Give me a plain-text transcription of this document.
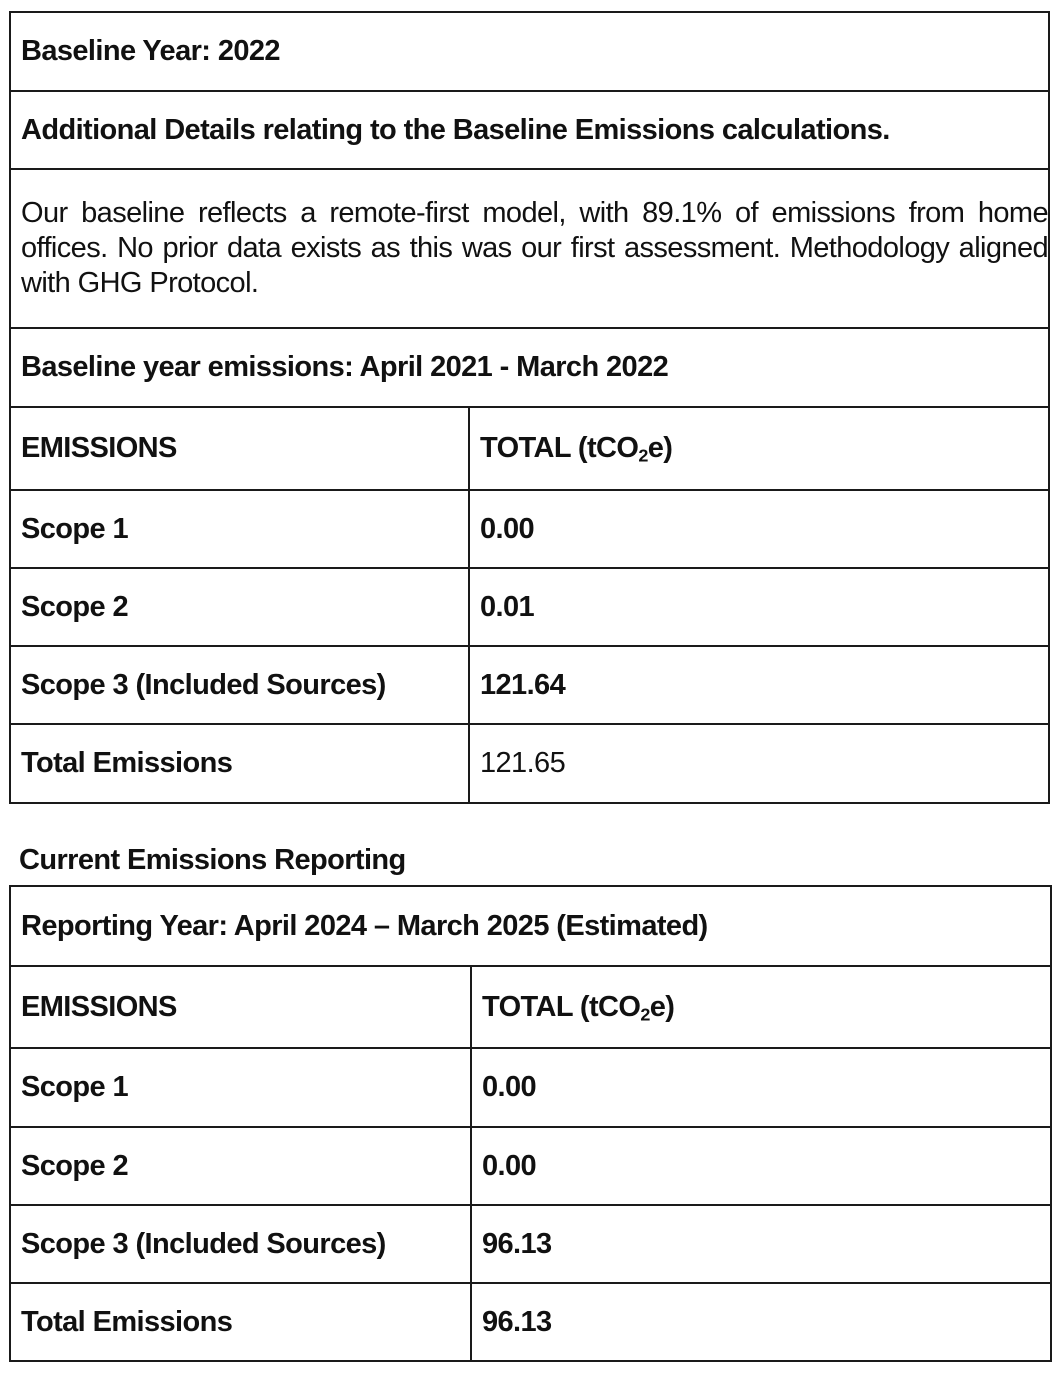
Baseline Year: 2022	
Additional Details relating to the Baseline Emissions calculations.	
Our baseline reflects a remote-first model, with 89.1% of emissions from home offices. No prior data exists as this was our first assessment. Methodology aligned with GHG Protocol.	
Baseline year emissions: April 2021 - March 2022	
EMISSIONS	TOTAL (tCO$_2$e)
Scope 1	0.00
Scope 2	0.01
Scope 3 (Included Sources)	121.64
Total Emissions	121.65
Current Emissions Reporting
Reporting Year: April 2024 – March 2025 (Estimated)	
EMISSIONS	TOTAL (tCO$_2$e)
Scope 1	0.00
Scope 2	0.00
Scope 3 (Included Sources)	96.13
Total Emissions	96.13
